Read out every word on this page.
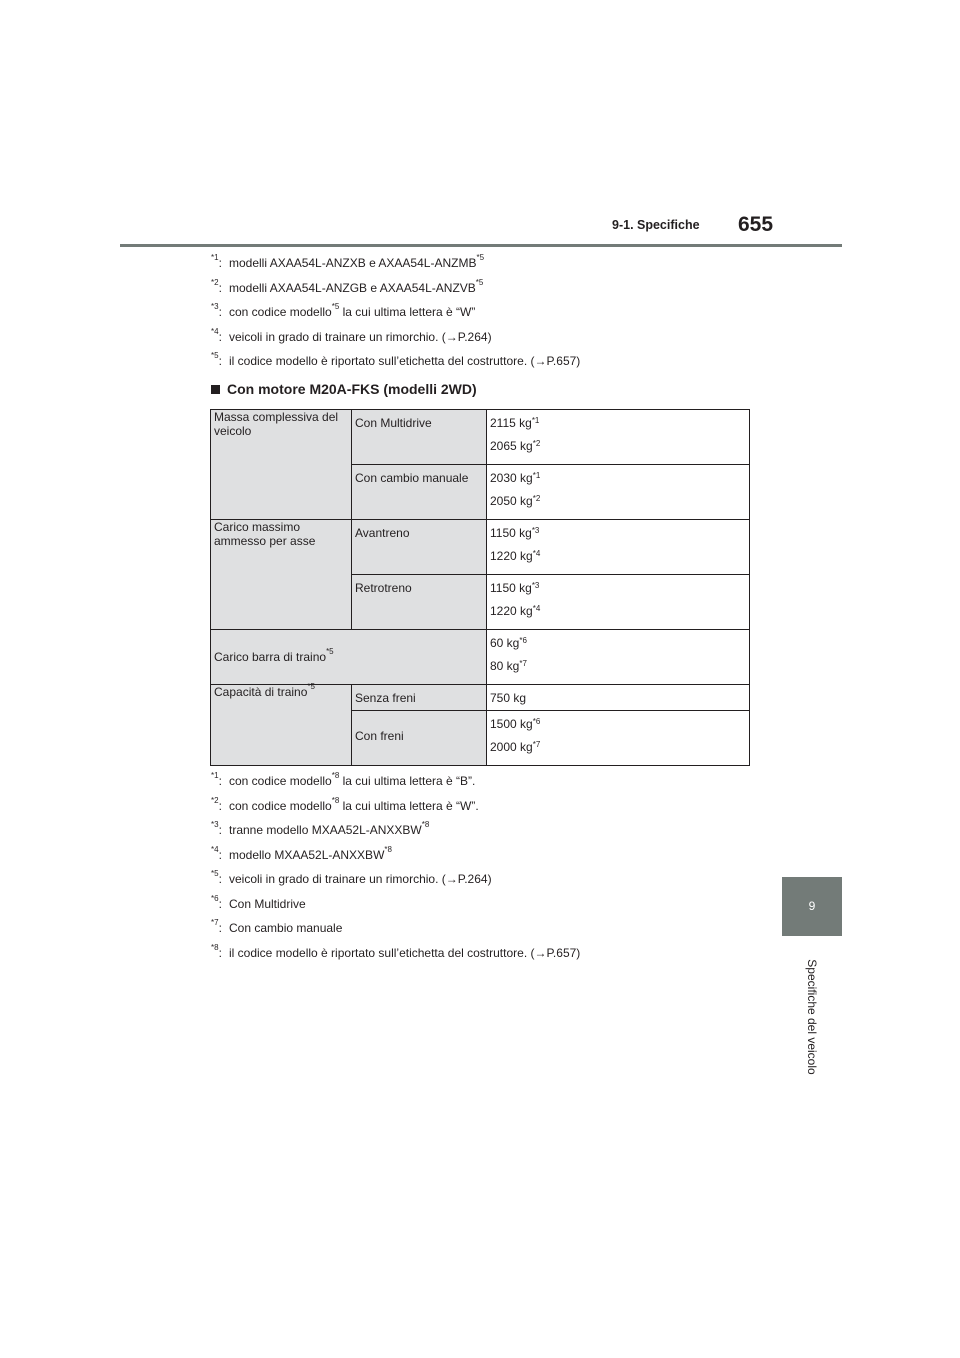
9-1. Specifiche 655
9
Specifiche del veicolo
$^{*1}$: modelli AXAA54L-ANZXB e AXAA54L-ANZMB$^{*5}$
$^{*2}$: modelli AXAA54L-ANZGB e AXAA54L-ANZVB$^{*5}$
$^{*3}$: con codice modello$^{*5}$ la cui ultima lettera è “W”
$^{*4}$: veicoli in grado di trainare un rimorchio. (→P.264)
$^{*5}$: il codice modello è riportato sull’etichetta del costruttore. (→P.657)
Con motore M20A-FKS (modelli 2WD)
Massa complessiva del veicolo	Con Multidrive	2115 $kg^{*1}$
2065 $kg^{*2}$

	Con cambio manuale	2030 $kg^{*1}$
2050 $kg^{*2}$

Carico massimo ammesso per asse	Avantreno	1150 $kg^{*3}$
1220 $kg^{*4}$

	Retrotreno	1150 $kg^{*3}$
1220 $kg^{*4}$

Carico barra di traino$^{*5}$		60 $kg^{*6}$
80 $kg^{*7}$

Capacità di traino$^{*5}$	Senza freni	750 kg

	Con freni	1500 $kg^{*6}$
2000 $kg^{*7}$
$^{*1}$: con codice modello$^{*8}$ la cui ultima lettera è “B”.
$^{*2}$: con codice modello$^{*8}$ la cui ultima lettera è “W”.
$^{*3}$: tranne modello MXAA52L-ANXXBW$^{*8}$
$^{*4}$: modello MXAA52L-ANXXBW$^{*8}$
$^{*5}$: veicoli in grado di trainare un rimorchio. (→P.264)
$^{*6}$: Con Multidrive
$^{*7}$: Con cambio manuale
$^{*8}$: il codice modello è riportato sull’etichetta del costruttore. (→P.657)
